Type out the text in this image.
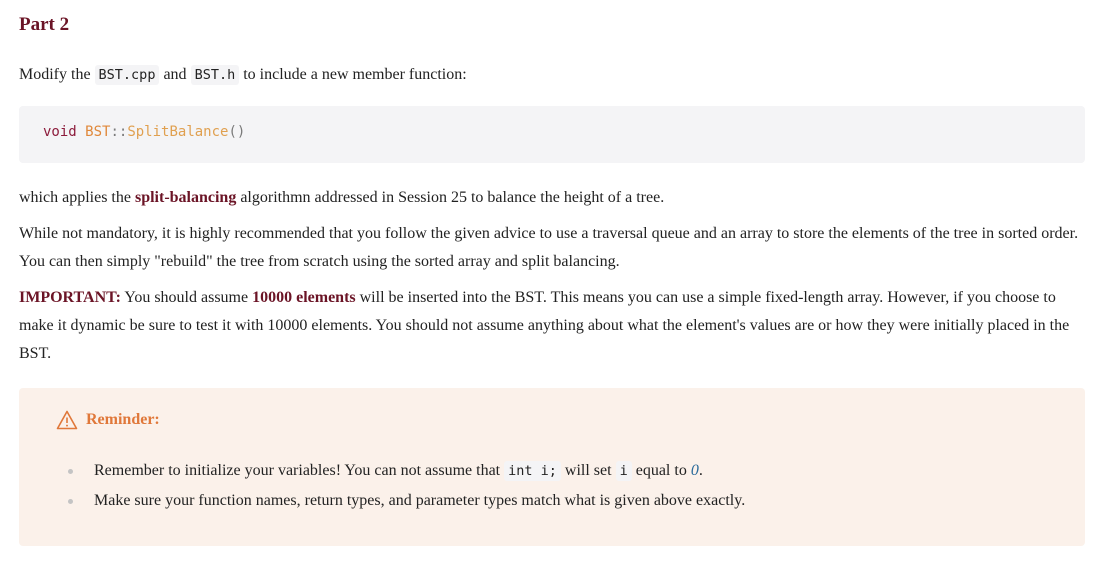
Part 2

Modify the BST.cpp and BST.h to include a new member function:

void BST::SplitBalance()

which applies the split-balancing algorithmn addressed in Session 25 to balance the height of a tree.

While not mandatory, it is highly recommended that you follow the given advice to use a traversal queue and an array to store the elements of the tree in sorted order. You can then simply "rebuild" the tree from scratch using the sorted array and split balancing.

IMPORTANT: You should assume 10000 elements will be inserted into the BST. This means you can use a simple fixed-length array. However, if you choose to make it dynamic be sure to test it with 10000 elements. You should not assume anything about what the element's values are or how they were initially placed in the BST.

Reminder:
Remember to initialize your variables! You can not assume that int i; will set i equal to 0.
Make sure your function names, return types, and parameter types match what is given above exactly.
